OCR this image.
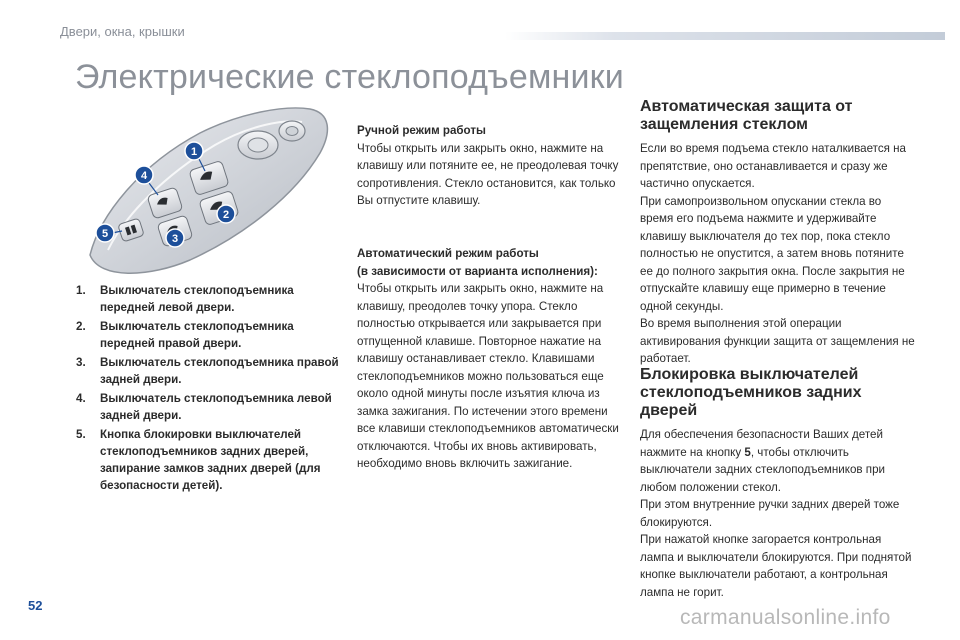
Двери, окна, крышки
Электрические стеклоподъемники
1
2
3
4
5
1. Выключатель стеклоподъемника передней левой двери.
2. Выключатель стеклоподъемника передней правой двери.
3. Выключатель стеклоподъемника правой задней двери.
4. Выключатель стеклоподъемника левой задней двери.
5. Кнопка блокировки выключателей стеклоподъемников задних дверей, запирание замков задних дверей (для безопасности детей).

Ручной режим работы

Чтобы открыть или закрыть окно, нажмите на клавишу или потяните ее, не преодолевая точку сопротивления. Стекло остановится, как только Вы отпустите клавишу.

Автоматический режим работы

(в зависимости от варианта исполнения):

Чтобы открыть или закрыть окно, нажмите на клавишу, преодолев точку упора. Стекло полностью открывается или закрывается при отпущенной клавише. Повторное нажатие на клавишу останавливает стекло. Клавишами стеклоподъемников можно пользоваться еще около одной минуты после изъятия ключа из замка зажигания. По истечении этого времени все клавиши стеклоподъемников автоматически отключаются. Чтобы их вновь активировать, необходимо вновь включить зажигание.

Автоматическая защита от защемления стеклом

Если во время подъема стекло наталкивается на препятствие, оно останавливается и сразу же частично опускается.

При самопроизвольном опускании стекла во время его подъема нажмите и удерживайте клавишу выключателя до тех пор, пока стекло полностью не опустится, а затем вновь потяните ее до полного закрытия окна. После закрытия не отпускайте клавишу еще примерно в течение одной секунды.

Во время выполнения этой операции активирования функции защита от защемления не работает.

Блокировка выключателей стеклоподъемников задних дверей

Для обеспечения безопасности Ваших детей нажмите на кнопку 5, чтобы отключить выключатели задних стеклоподъемников при любом положении стекол.

При этом внутренние ручки задних дверей тоже блокируются.

При нажатой кнопке загорается контрольная лампа и выключатели блокируются. При поднятой кнопке выключатели работают, а контрольная лампа не горит.

52
carmanualsonline.info
